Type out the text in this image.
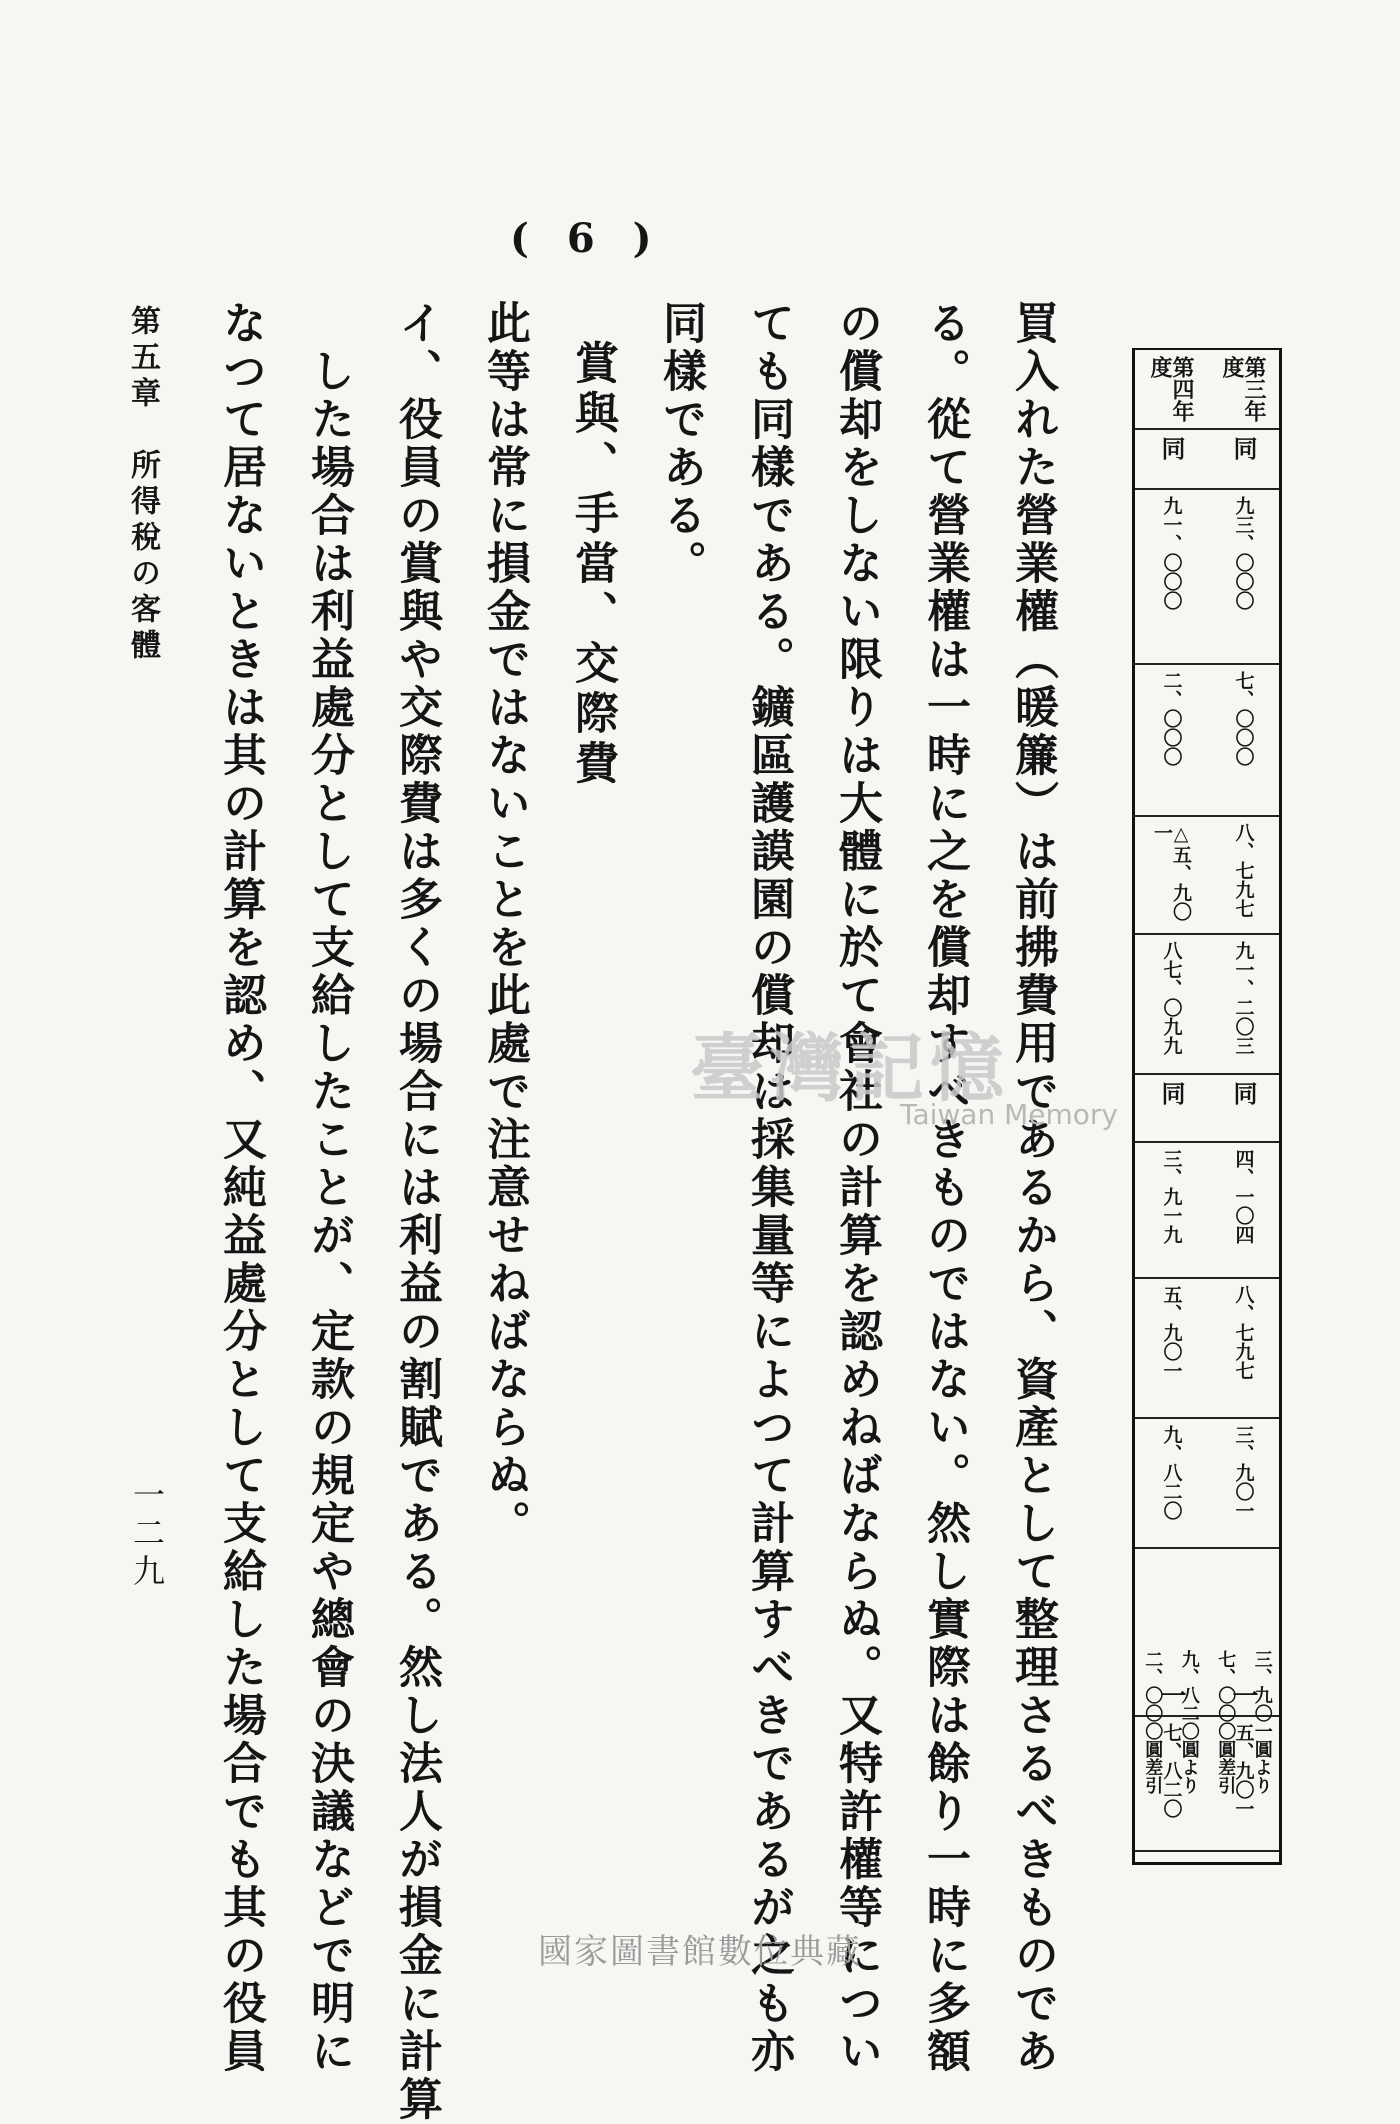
( 6 )
第三年度
第四年度
同
同
九三、〇〇〇
九一、〇〇〇
七、〇〇〇
二、〇〇〇
八、七九七
△五、九〇一
九一、二〇三
八七、〇九九
同
同
四、一〇四
三、九一九
八、七九七
五、九〇一
三、九〇一
九、八二〇
一
一
五、九〇一
七、八二〇	三、九〇一圓より
七、〇〇〇圓差引
九、八二〇圓より
二、〇〇〇圓差引
買入れた營業權（暖簾）は前拂費用であるから、資產として整理さるべきものであ
る。從て營業權は一時に之を償却すべきものではない。然し實際は餘り一時に多額
の償却をしない限りは大體に於て會社の計算を認めねばならぬ。又特許權等につい
ても同樣である。鑛區護謨園の償却は採集量等によつて計算すべきであるが之も亦
同樣である。
賞與、手當、交際費
此等は常に損金ではないことを此處で注意せねばならぬ。
イ、役員の賞與や交際費は多くの場合には利益の割賦である。然し法人が損金に計算
した場合は利益處分として支給したことが、定款の規定や總會の決議などで明に
なつて居ないときは其の計算を認め、又純益處分として支給した場合でも其の役員
第五章　所得稅の客體
一二九
臺灣記憶
Taiwan Memory
國家圖書館數位典藏
